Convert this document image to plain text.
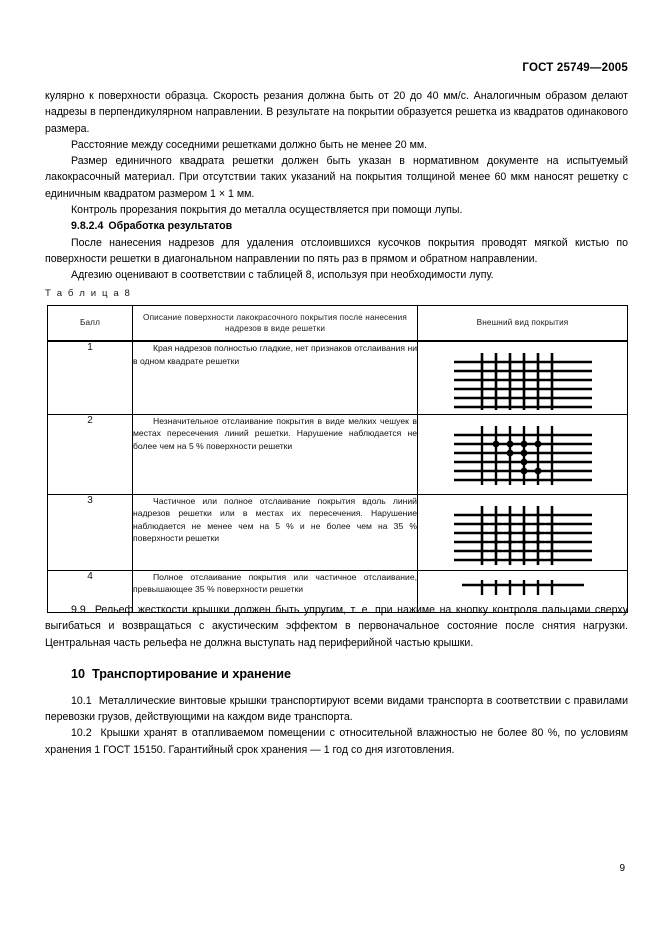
ГОСТ 25749—2005

кулярно к поверхности образца. Скорость резания должна быть от 20 до 40 мм/с. Аналогичным образом делают надрезы в перпендикулярном направлении. В результате на покрытии образуется решетка из квадратов одинакового размера.

Расстояние между соседними решетками должно быть не менее 20 мм.

Размер единичного квадрата решетки должен быть указан в нормативном документе на испытуемый лакокрасочный материал. При отсутствии таких указаний на покрытия толщиной менее 60 мкм наносят решетку с единичным квадратом размером 1 × 1 мм.

Контроль прорезания покрытия до металла осуществляется при помощи лупы.

9.8.2.4 Обработка результатов

После нанесения надрезов для удаления отслоившихся кусочков покрытия проводят мягкой кистью по поверхности решетки в диагональном направлении по пять раз в прямом и обратном направлении.

Адгезию оценивают в соответствии с таблицей 8, используя при необходимости лупу.

Т а б л и ц а 8
Балл	Описание поверхности лакокрасочного покрытия после нанесения надрезов в виде решетки	Внешний вид покрытия

1	Края надрезов полностью гладкие, нет признаков отслаивания ни в одном квадрате решетки	

2	Незначительное отслаивание покрытия в виде мелких чешуек в местах пересечения линий решетки. Нарушение наблюдается не более чем на 5 % поверхности решетки	

3	Частичное или полное отслаивание покрытия вдоль линий надрезов решетки или в местах их пересечения. Нарушение наблюдается не менее чем на 5 % и не более чем на 35 % поверхности решетки	

4	Полное отслаивание покрытия или частичное отслаивание, превышающее 35 % поверхности решетки	

9.9 Рельеф жесткости крышки должен быть упругим, т. е. при нажиме на кнопку контроля пальцами сверху выгибаться и возвращаться с акустическим эффектом в первоначальное состояние после снятия нагрузки. Центральная часть рельефа не должна выступать над периферийной частью крышки.

10 Транспортирование и хранение

10.1 Металлические винтовые крышки транспортируют всеми видами транспорта в соответствии с правилами перевозки грузов, действующими на каждом виде транспорта.

10.2 Крышки хранят в отапливаемом помещении с относительной влажностью не более 80 %, по условиям хранения 1 ГОСТ 15150. Гарантийный срок хранения — 1 год со дня изготовления.

9
